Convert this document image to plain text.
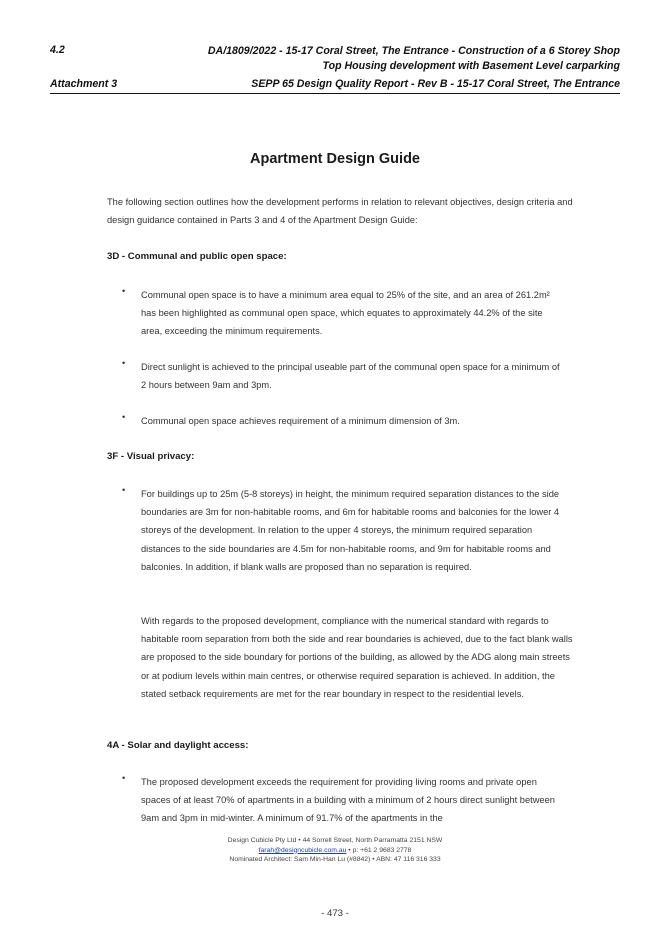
4.2	DA/1809/2022 - 15-17 Coral Street, The Entrance - Construction of a 6 Storey Shop
Top Housing development with Basement Level carparking
Attachment 3	SEPP 65 Design Quality Report - Rev B - 15-17 Coral Street, The Entrance
Apartment Design Guide
The following section outlines how the development performs in relation to relevant objectives, design criteria and design guidance contained in Parts 3 and 4 of the Apartment Design Guide:
3D - Communal and public open space:
• Communal open space is to have a minimum area equal to 25% of the site, and an area of 261.2m² has been highlighted as communal open space, which equates to approximately 44.2% of the site area, exceeding the minimum requirements.
• Direct sunlight is achieved to the principal useable part of the communal open space for a minimum of 2 hours between 9am and 3pm.
• Communal open space achieves requirement of a minimum dimension of 3m.
3F - Visual privacy:
• For buildings up to 25m (5-8 storeys) in height, the minimum required separation distances to the side boundaries are 3m for non-habitable rooms, and 6m for habitable rooms and balconies for the lower 4 storeys of the development. In relation to the upper 4 storeys, the minimum required separation distances to the side boundaries are 4.5m for non-habitable rooms, and 9m for habitable rooms and balconies. In addition, if blank walls are proposed than no separation is required.
With regards to the proposed development, compliance with the numerical standard with regards to habitable room separation from both the side and rear boundaries is achieved, due to the fact blank walls are proposed to the side boundary for portions of the building, as allowed by the ADG along main streets or at podium levels within main centres, or otherwise required separation is achieved. In addition, the stated setback requirements are met for the rear boundary in respect to the residential levels.
4A - Solar and daylight access:
• The proposed development exceeds the requirement for providing living rooms and private open spaces of at least 70% of apartments in a building with a minimum of 2 hours direct sunlight between 9am and 3pm in mid-winter. A minimum of 91.7% of the apartments in the
Design Cubicle Pty Ltd • 44 Sorrell Street, North Parramatta 2151 NSW
farah@designcubicle.com.au • p: +61 2 9683 2778
Nominated Architect: Sam Min-Han Lu (#8842) • ABN: 47 116 316 333
- 473 -
